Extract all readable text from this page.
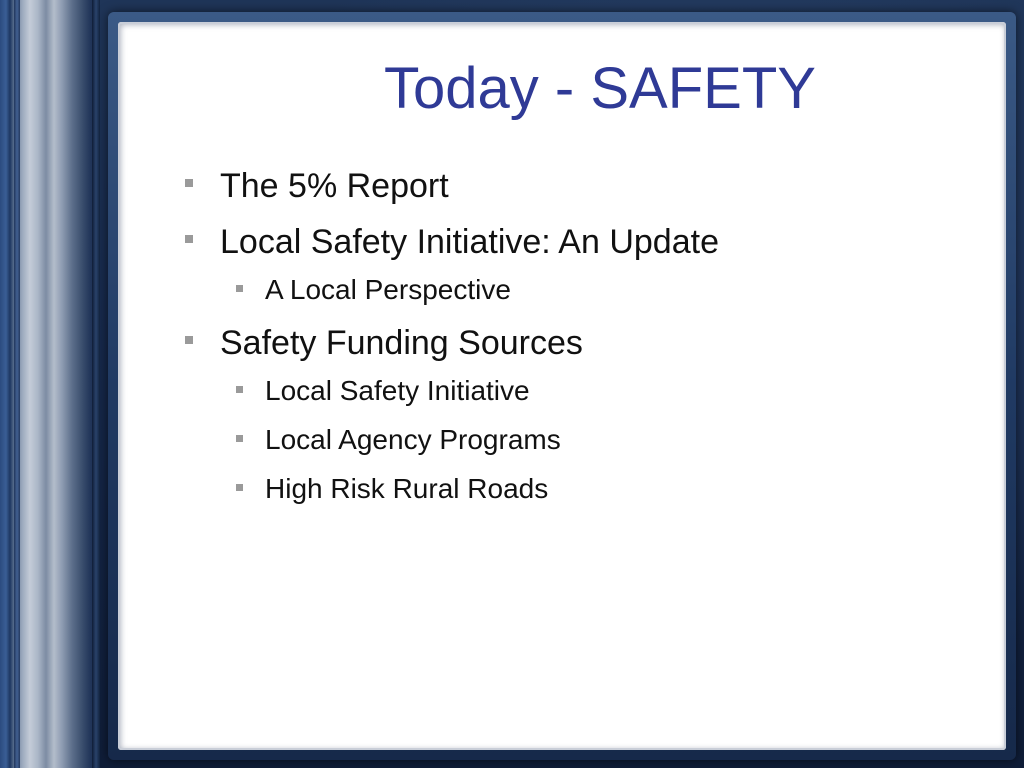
Today - SAFETY
The 5% Report
Local Safety Initiative: An Update
A Local Perspective
Safety Funding Sources
Local Safety Initiative
Local Agency Programs
High Risk Rural Roads
